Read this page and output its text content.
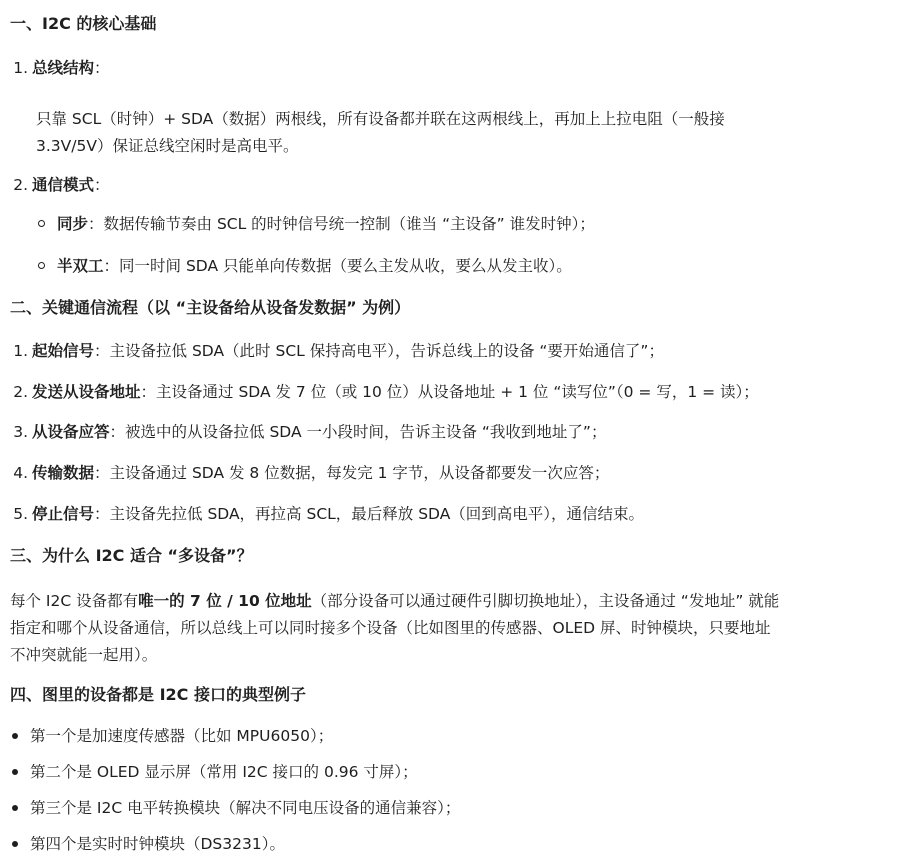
一、I2C 的核心基础
1. 总线结构：
只靠 SCL（时钟）+ SDA（数据）两根线，所有设备都并联在这两根线上，再加上上拉电阻（一般接
3.3V/5V）保证总线空闲时是高电平。
2. 通信模式：
同步：数据传输节奏由 SCL 的时钟信号统一控制（谁当 “主设备” 谁发时钟）；
半双工：同一时间 SDA 只能单向传数据（要么主发从收，要么从发主收）。
二、关键通信流程（以 “主设备给从设备发数据” 为例）
1. 起始信号：主设备拉低 SDA（此时 SCL 保持高电平），告诉总线上的设备 “要开始通信了”；
2. 发送从设备地址：主设备通过 SDA 发 7 位（或 10 位）从设备地址 + 1 位 “读写位”（0 = 写，1 = 读）；
3. 从设备应答：被选中的从设备拉低 SDA 一小段时间，告诉主设备 “我收到地址了”；
4. 传输数据：主设备通过 SDA 发 8 位数据，每发完 1 字节，从设备都要发一次应答；
5. 停止信号：主设备先拉低 SDA，再拉高 SCL，最后释放 SDA（回到高电平），通信结束。
三、为什么 I2C 适合 “多设备”？
每个 I2C 设备都有唯一的 7 位 / 10 位地址（部分设备可以通过硬件引脚切换地址），主设备通过 “发地址” 就能
指定和哪个从设备通信，所以总线上可以同时接多个设备（比如图里的传感器、OLED 屏、时钟模块，只要地址
不冲突就能一起用）。
四、图里的设备都是 I2C 接口的典型例子
第一个是加速度传感器（比如 MPU6050）；
第二个是 OLED 显示屏（常用 I2C 接口的 0.96 寸屏）；
第三个是 I2C 电平转换模块（解决不同电压设备的通信兼容）；
第四个是实时时钟模块（DS3231）。
